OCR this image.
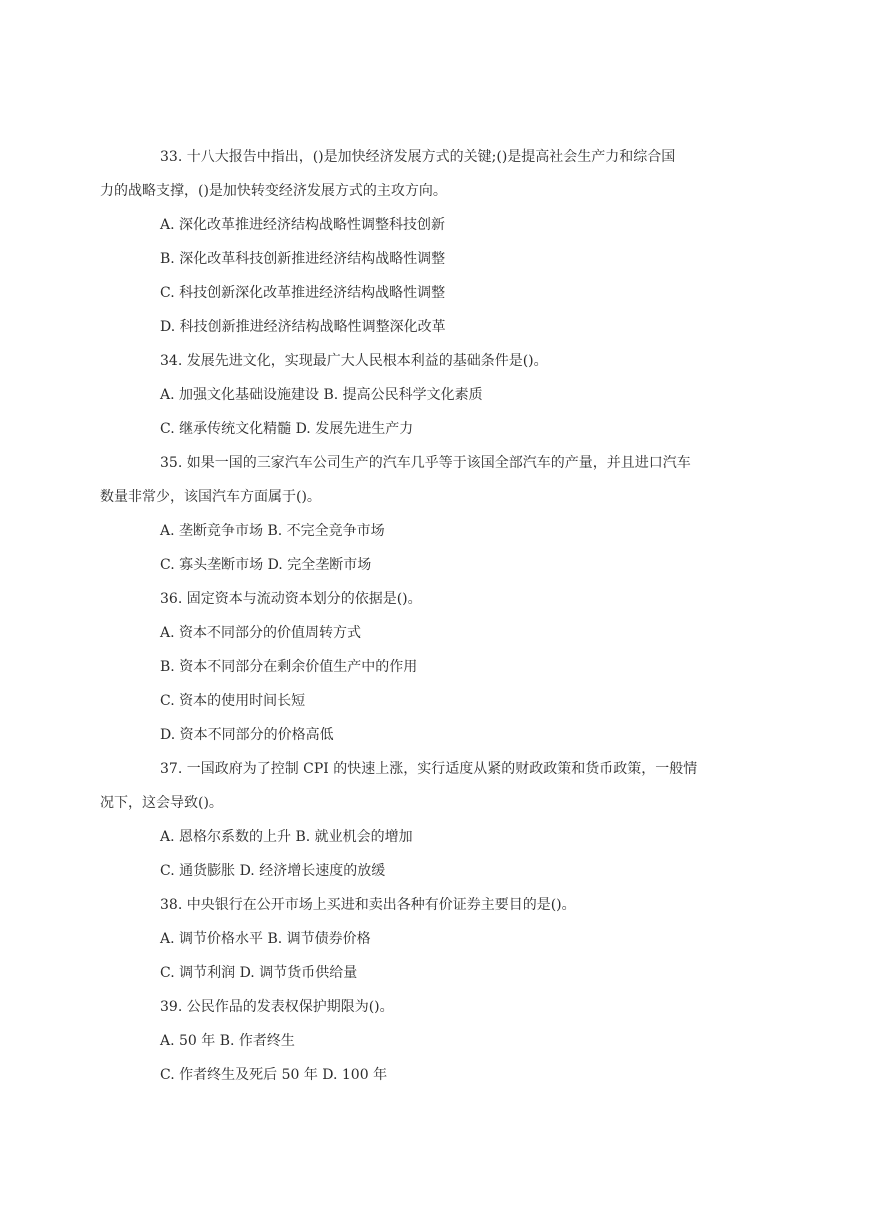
33. 十八大报告中指出，()是加快经济发展方式的关键;()是提高社会生产力和综合国
力的战略支撑，()是加快转变经济发展方式的主攻方向。
A. 深化改革推进经济结构战略性调整科技创新
B. 深化改革科技创新推进经济结构战略性调整
C. 科技创新深化改革推进经济结构战略性调整
D. 科技创新推进经济结构战略性调整深化改革
34. 发展先进文化，实现最广大人民根本利益的基础条件是()。
A. 加强文化基础设施建设 B. 提高公民科学文化素质
C. 继承传统文化精髓 D. 发展先进生产力
35. 如果一国的三家汽车公司生产的汽车几乎等于该国全部汽车的产量，并且进口汽车
数量非常少，该国汽车方面属于()。
A. 垄断竞争市场 B. 不完全竞争市场
C. 寡头垄断市场 D. 完全垄断市场
36. 固定资本与流动资本划分的依据是()。
A. 资本不同部分的价值周转方式
B. 资本不同部分在剩余价值生产中的作用
C. 资本的使用时间长短
D. 资本不同部分的价格高低
37. 一国政府为了控制 CPI 的快速上涨，实行适度从紧的财政政策和货币政策，一般情
况下，这会导致()。
A. 恩格尔系数的上升 B. 就业机会的增加
C. 通货膨胀 D. 经济增长速度的放缓
38. 中央银行在公开市场上买进和卖出各种有价证券主要目的是()。
A. 调节价格水平 B. 调节债券价格
C. 调节利润 D. 调节货币供给量
39. 公民作品的发表权保护期限为()。
A. 50 年 B. 作者终生
C. 作者终生及死后 50 年 D. 100 年
